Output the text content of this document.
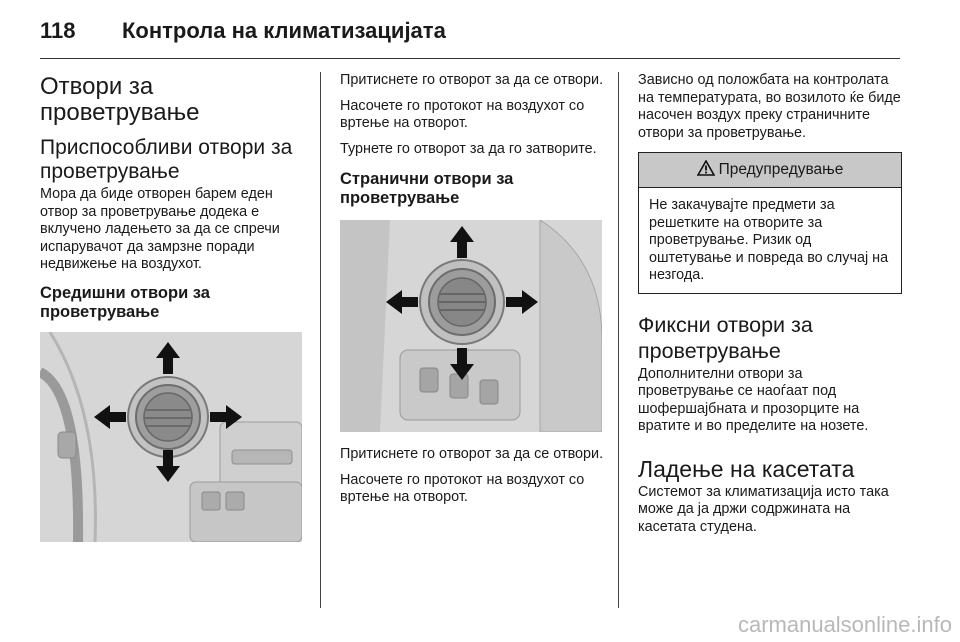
118 Контрола на климатизацијата
Отвори за проветрување
Приспособливи отвори за проветрување

Мора да биде отворен барем еден отвор за проветрување додека е вклучено ладењето за да се спречи испарувачот да замрзне поради недвижење на воздухот.

Средишни отвори за проветрување

Притиснете го отворот за да се отвори.

Насочете го протокот на воздухот со вртење на отворот.

Турнете го отворот за да го затворите.

Странични отвори за проветрување

Притиснете го отворот за да се отвори.

Насочете го протокот на воздухот со вртење на отворот.

Зависно од положбата на контролата на температурата, во возилото ќе биде насочен воздух преку страничните отвори за проветрување.

Предупредување
Не закачувајте предмети за решетките на отворите за проветрување. Ризик од оштетување и повреда во случај на незгода.
Фиксни отвори за проветрување

Дополнителни отвори за проветрување се наоѓаат под шофершајбната и прозорците на вратите и во пределите на нозете.

Ладење на касетата

Системот за климатизација исто така може да ја држи содржината на касетата студена.

carmanualsonline.info
